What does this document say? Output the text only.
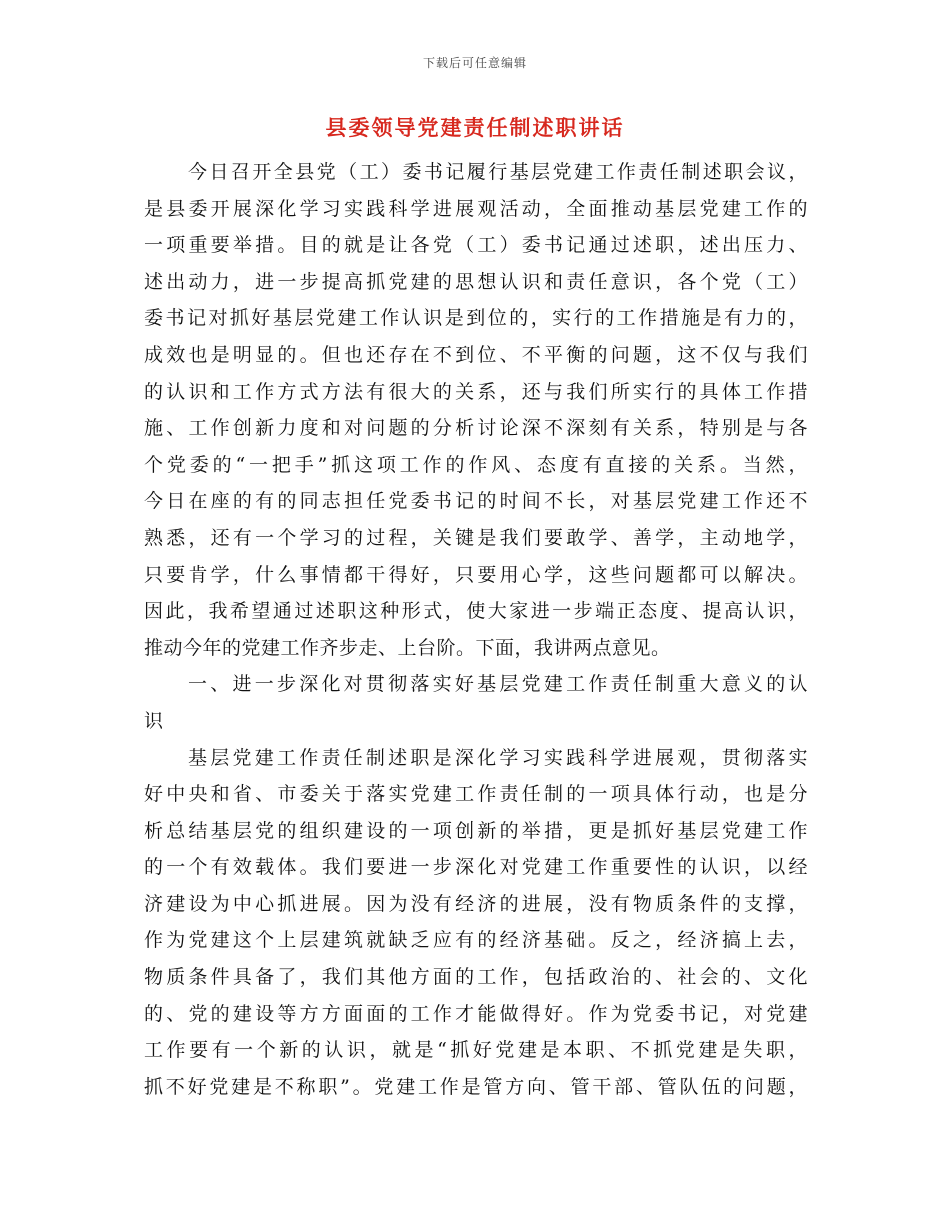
下载后可任意编辑
县委领导党建责任制述职讲话
今日召开全县党（工）委书记履行基层党建工作责任制述职会议，
是县委开展深化学习实践科学进展观活动，全面推动基层党建工作的
一项重要举措。目的就是让各党（工）委书记通过述职，述出压力、
述出动力，进一步提高抓党建的思想认识和责任意识，各个党（工）
委书记对抓好基层党建工作认识是到位的，实行的工作措施是有力的，
成效也是明显的。但也还存在不到位、不平衡的问题，这不仅与我们
的认识和工作方式方法有很大的关系，还与我们所实行的具体工作措
施、工作创新力度和对问题的分析讨论深不深刻有关系，特别是与各
个党委的“一把手”抓这项工作的作风、态度有直接的关系。当然，
今日在座的有的同志担任党委书记的时间不长，对基层党建工作还不
熟悉，还有一个学习的过程，关键是我们要敢学、善学，主动地学，
只要肯学，什么事情都干得好，只要用心学，这些问题都可以解决。
因此，我希望通过述职这种形式，使大家进一步端正态度、提高认识，
推动今年的党建工作齐步走、上台阶。下面，我讲两点意见。
一、进一步深化对贯彻落实好基层党建工作责任制重大意义的认
识
基层党建工作责任制述职是深化学习实践科学进展观，贯彻落实
好中央和省、市委关于落实党建工作责任制的一项具体行动，也是分
析总结基层党的组织建设的一项创新的举措，更是抓好基层党建工作
的一个有效载体。我们要进一步深化对党建工作重要性的认识，以经
济建设为中心抓进展。因为没有经济的进展，没有物质条件的支撑，
作为党建这个上层建筑就缺乏应有的经济基础。反之，经济搞上去，
物质条件具备了，我们其他方面的工作，包括政治的、社会的、文化
的、党的建设等方方面面的工作才能做得好。作为党委书记，对党建
工作要有一个新的认识，就是“抓好党建是本职、不抓党建是失职，
抓不好党建是不称职”。党建工作是管方向、管干部、管队伍的问题，
